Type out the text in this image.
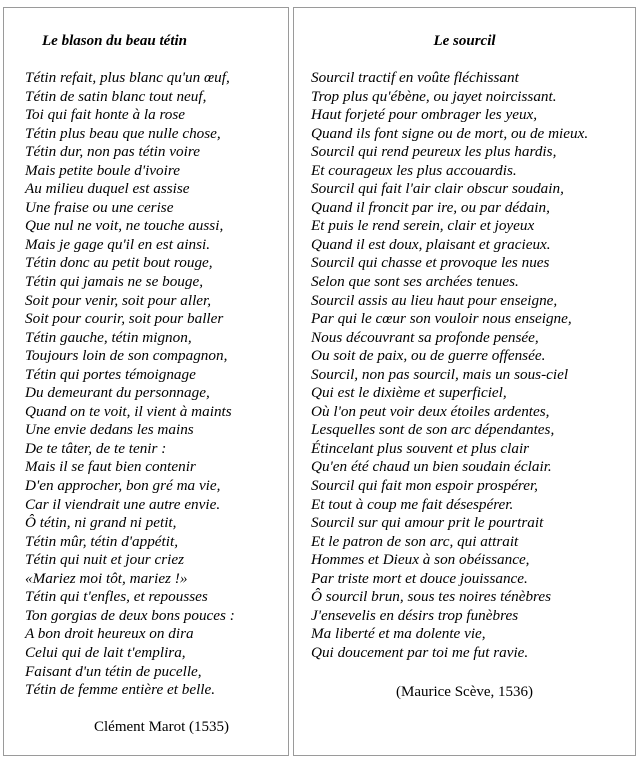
Le blason du beau tétin
Tétin refait, plus blanc qu'un œuf,
Tétin de satin blanc tout neuf,
Toi qui fait honte à la rose
Tétin plus beau que nulle chose,
Tétin dur, non pas tétin voire
Mais petite boule d'ivoire
Au milieu duquel est assise
Une fraise ou une cerise
Que nul ne voit, ne touche aussi,
Mais je gage qu'il en est ainsi.
Tétin donc au petit bout rouge,
Tétin qui jamais ne se bouge,
Soit pour venir, soit pour aller,
Soit pour courir, soit pour baller
Tétin gauche, tétin mignon,
Toujours loin de son compagnon,
Tétin qui portes témoignage
Du demeurant du personnage,
Quand on te voit, il vient à maints
Une envie dedans les mains
De te tâter, de te tenir :
Mais il se faut bien contenir
D'en approcher, bon gré ma vie,
Car il viendrait une autre envie.
Ô tétin, ni grand ni petit,
Tétin mûr, tétin d'appétit,
Tétin qui nuit et jour criez
«Mariez moi tôt, mariez !»
Tétin qui t'enfles, et repousses
Ton gorgias de deux bons pouces :
A bon droit heureux on dira
Celui qui de lait t'emplira,
Faisant d'un tétin de pucelle,
Tétin de femme entière et belle.
Clément Marot (1535)
Le sourcil
Sourcil tractif en voûte fléchissant
Trop plus qu'ébène, ou jayet noircissant.
Haut forjeté pour ombrager les yeux,
Quand ils font signe ou de mort, ou de mieux.
Sourcil qui rend peureux les plus hardis,
Et courageux les plus accouardis.
Sourcil qui fait l'air clair obscur soudain,
Quand il froncit par ire, ou par dédain,
Et puis le rend serein, clair et joyeux
Quand il est doux, plaisant et gracieux.
Sourcil qui chasse et provoque les nues
Selon que sont ses archées tenues.
Sourcil assis au lieu haut pour enseigne,
Par qui le cœur son vouloir nous enseigne,
Nous découvrant sa profonde pensée,
Ou soit de paix, ou de guerre offensée.
Sourcil, non pas sourcil, mais un sous-ciel
Qui est le dixième et superficiel,
Où l'on peut voir deux étoiles ardentes,
Lesquelles sont de son arc dépendantes,
Étincelant plus souvent et plus clair
Qu'en été chaud un bien soudain éclair.
Sourcil qui fait mon espoir prospérer,
Et tout à coup me fait désespérer.
Sourcil sur qui amour prit le pourtrait
Et le patron de son arc, qui attrait
Hommes et Dieux à son obéissance,
Par triste mort et douce jouissance.
Ô sourcil brun, sous tes noires ténèbres
J'ensevelis en désirs trop funèbres
Ma liberté et ma dolente vie,
Qui doucement par toi me fut ravie.
(Maurice Scève, 1536)
